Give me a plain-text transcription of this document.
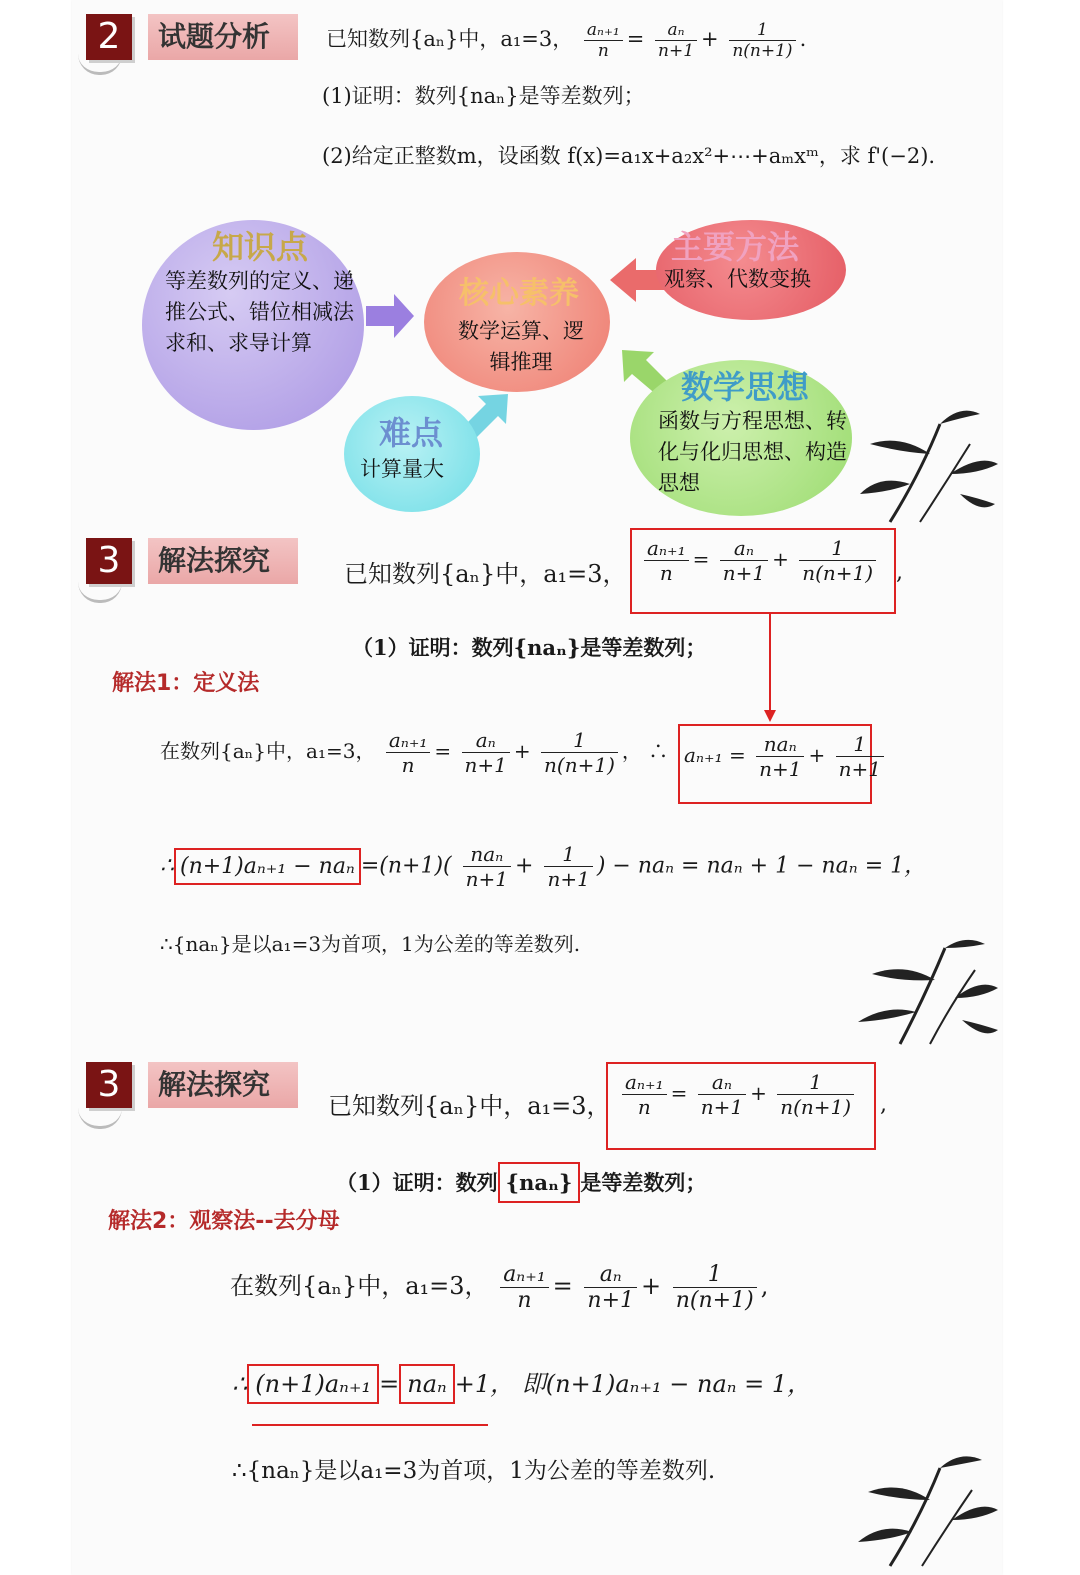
2	试题分析	已知数列{aₙ}中，a₁=3， $\frac{\text{aₙ₊₁}}{n} = \frac{\text{aₙ}}{n+1} + \frac{1}{n(n+1)}$ .
(1)证明：数列{naₙ}是等差数列；
(2)给定正整数m，设函数 f(x)=a₁x+a₂x²+⋯+aₘxᵐ，求 f'(−2).
知识点
等差数列的定义、递推公式、错位相减法求和、求导计算
核心素养
数学运算、逻辑推理
主要方法
观察、代数变换
难点
计算量大
数学思想
函数与方程思想、转化与化归思想、构造思想
3	解法探究	已知数列{aₙ}中，a₁=3， $\frac{\text{aₙ₊₁}}{n} = \frac{\text{aₙ}}{n+1} + \frac{1}{n(n+1)}$ ,
（1）证明：数列{naₙ}是等差数列；
解法1：定义法
在数列{aₙ}中，a₁=3， $\frac{\text{aₙ₊₁}}{n} = \frac{\text{aₙ}}{n+1} + \frac{1}{n(n+1)}$ ， ∴ $a_{n+1} = \frac{\text{naₙ}}{n+1} + \frac{1}{n+1}$
∴ $(n+1)a_{n+1} - na_n =(n+1)( \frac{\text{naₙ}}{n+1} + \frac{1}{n+1}$ ) − naₙ = naₙ + 1 − naₙ = 1，
∴{naₙ}是以a₁=3为首项，1为公差的等差数列.
3	解法探究
已知数列{aₙ}中，a₁=3， $\frac{\text{aₙ₊₁}}{n} = \frac{\text{aₙ}}{n+1} + \frac{1}{n(n+1)}$ ,
（1）证明：数列 {naₙ} 是等差数列；
解法2：观察法--去分母
在数列{aₙ}中，a₁=3， $\frac{\text{aₙ₊₁}}{n} = \frac{\text{aₙ}}{n+1} + \frac{1}{n(n+1)}$ ,
∴ (n+1)aₙ₊₁ = naₙ +1， 即(n+1)aₙ₊₁ − naₙ = 1，
∴{naₙ}是以a₁=3为首项，1为公差的等差数列.
